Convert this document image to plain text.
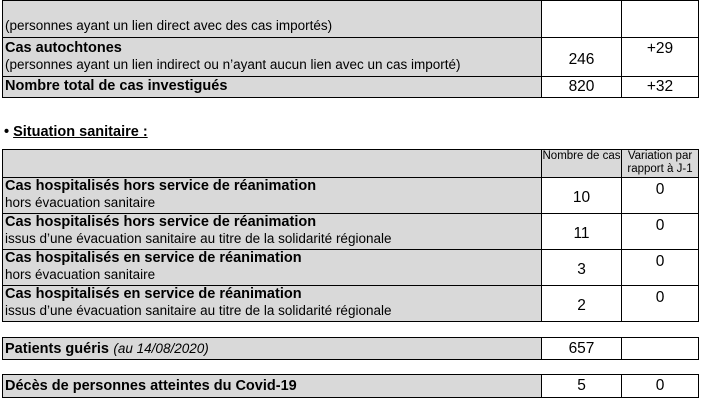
(personnes ayant un lien direct avec des cas importés)		

Cas autochtones
(personnes ayant un lien indirect ou n’ayant aucun lien avec un cas importé)	246	+29

Nombre total de cas investigués	820	+32
• Situation sanitaire :
	Nombre de cas	Variation par rapport à J-1

Cas hospitalisés hors service de réanimation
hors évacuation sanitaire	10	0

Cas hospitalisés hors service de réanimation
issus d’une évacuation sanitaire au titre de la solidarité régionale	11	0

Cas hospitalisés en service de réanimation
hors évacuation sanitaire	3	0

Cas hospitalisés en service de réanimation
issus d’une évacuation sanitaire au titre de la solidarité régionale	2	0
Patients guéris (au 14/08/2020)	657	
Décès de personnes atteintes du Covid-19	5	0
